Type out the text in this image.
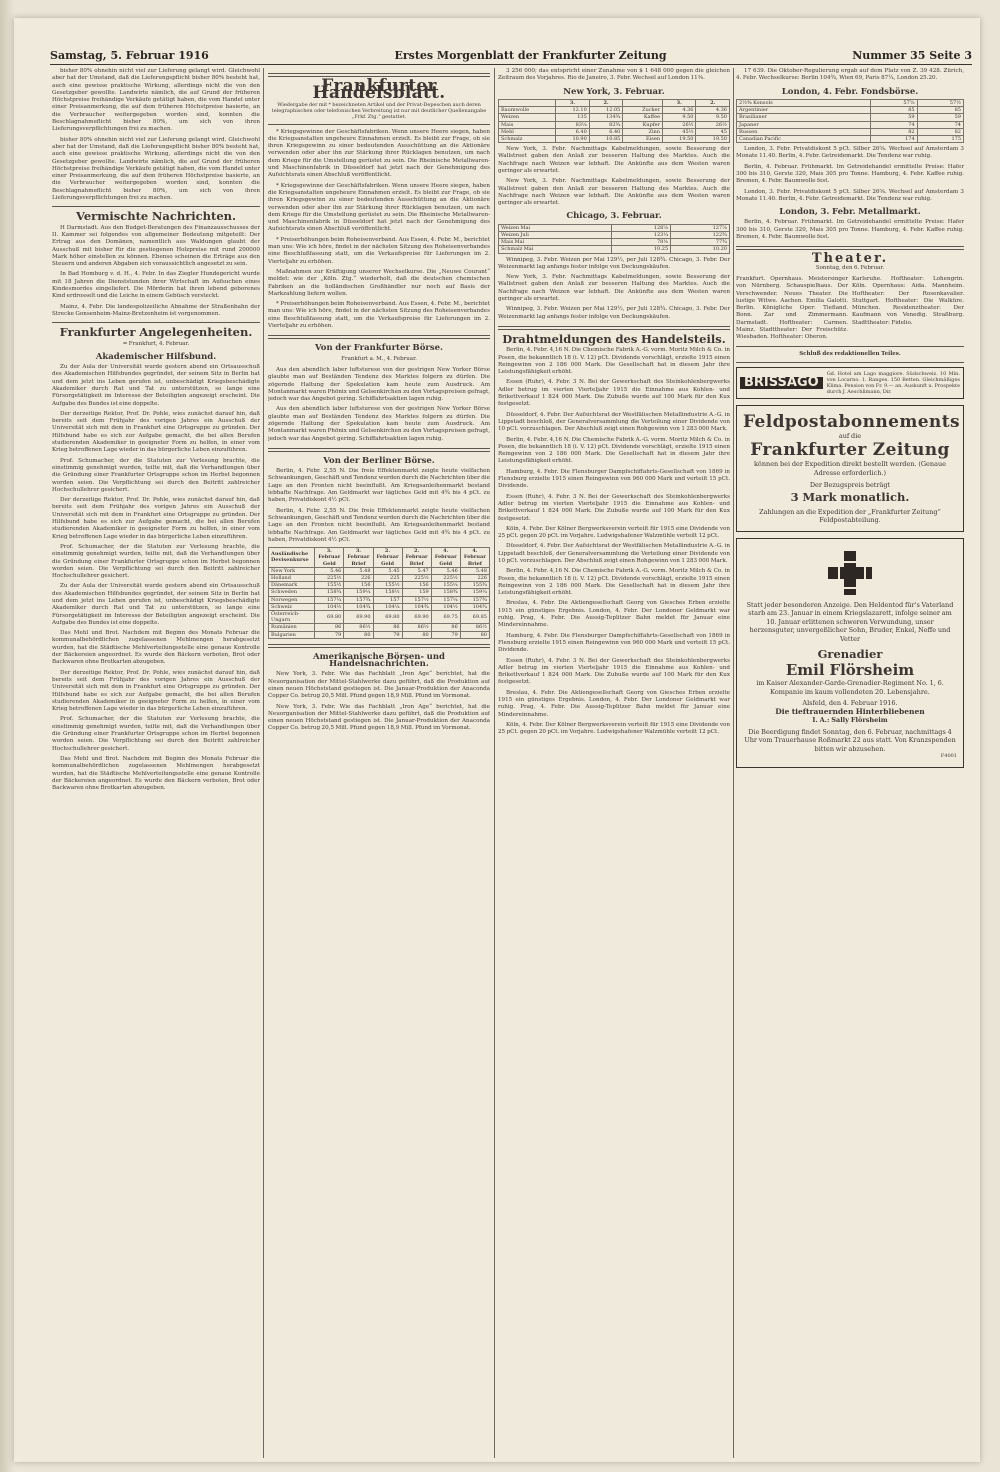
Samstag, 5. Februar 1916	Erstes Morgenblatt der Frankfurter Zeitung	Nummer 35 Seite 3

bisher 80% ohnehin nicht viel zur Lieferung gelangt wird. Gleichwohl aber hat der Umstand, daß die Lieferungspflicht bisher 80% besteht hat, auch eine gewisse praktische Wirkung, allerdings nicht die von den Gesetzgeber gewollte. Landwirte nämlich, die auf Grund der früheren Höchstpreise freihändige Verkäufe getätigt haben, die vom Handel unter einer Preisanmerkung, die auf dem früheren Höchstpreise basierte, an die Verbraucher weitergegeben worden sind, konnten die Beschlagnahmeflicht bisher 80%, um sich von ihren Lieferungsverpflichtungen frei zu machen.

bisher 80% ohnehin nicht viel zur Lieferung gelangt wird. Gleichwohl aber hat der Umstand, daß die Lieferungspflicht bisher 80% besteht hat, auch eine gewisse praktische Wirkung, allerdings nicht die von den Gesetzgeber gewollte. Landwirte nämlich, die auf Grund der früheren Höchstpreise freihändige Verkäufe getätigt haben, die vom Handel unter einer Preisanmerkung, die auf dem früheren Höchstpreise basierte, an die Verbraucher weitergegeben worden sind, konnten die Beschlagnahmeflicht bisher 80%, um sich von ihren Lieferungsverpflichtungen frei zu machen.

Vermischte Nachrichten.

H Darmstadt. Aus den Budget-Beratungen des Finanzausschusses der II. Kammer sei folgendes von allgemeiner Bedeutung mitgeteilt: Der Ertrag aus den Domänen, namentlich aus Waldungen glaubt der Ausschuß mit bisher für die gestiegenen Holzpreise mit rund 200000 Mark höher einstellen zu können. Ebenso scheinen die Erträge aus den Steuern und anderen Abgaben sich voraussichtlich angesetzt zu sein.

In Bad Homburg v. d. H., 4. Febr. In das Ziegler Hundegericht wurde mit 18 Jahren die Dienststunden ihrer Wirtschaft im Aufsuchen eines Kindesmordes eingeliefert. Die Mörderin hat ihren lebend geborenes Kind erdrosselt und die Leiche in einem Gebüsch versteckt.

Mainz, 4. Febr. Die landespolizeiliche Abnahme der Straßenbahn der Strecke Gonsenheim-Mainz-Bretzenheim ist vorgenommen.

Frankfurter Angelegenheiten.
= Frankfurt, 4. Februar.
Akademischer Hilfsbund.

Zu der Aula der Universität wurde gestern abend ein Ortsausschuß des Akademischen Hilfsbundes gegründet, der seinem Sitz in Berlin hat und dem jetzt ins Leben gerufen ist, unbeschädigt Kriegsbeschädigte Akademiker durch Rat und Tat zu unterstützen, so lange eine Fürsorgetätigkeit im Interesse der Beteiligten angezeigt erscheint. Die Aufgabe des Bundes ist eine doppelte.

Der derzeitige Rektor, Prof. Dr. Pohle, wies zunächst darauf hin, daß bereits seit dem Frühjahr des vorigen Jahres ein Ausschuß der Universität sich mit dem in Frankfurt eine Ortsgruppe zu gründen. Der Hilfsbund habe es sich zur Aufgabe gemacht, die bei allen Berufen studierenden Akademiker in geeigneter Form zu helfen, in einer vom Krieg betroffenen Lage wieder in das bürgerliche Leben einzuführen.

Prof. Schumacher, der die Statuten zur Verlesung brachte, die einstimmig genehmigt wurden, teilte mit, daß die Verhandlungen über die Gründung einer Frankfurter Ortsgruppe schon im Herbst begonnen worden seien. Die Verpflichtung sei durch den Beitritt zahlreicher Hochschullehrer gesichert.

Der derzeitige Rektor, Prof. Dr. Pohle, wies zunächst darauf hin, daß bereits seit dem Frühjahr des vorigen Jahres ein Ausschuß der Universität sich mit dem in Frankfurt eine Ortsgruppe zu gründen. Der Hilfsbund habe es sich zur Aufgabe gemacht, die bei allen Berufen studierenden Akademiker in geeigneter Form zu helfen, in einer vom Krieg betroffenen Lage wieder in das bürgerliche Leben einzuführen.

Prof. Schumacher, der die Statuten zur Verlesung brachte, die einstimmig genehmigt wurden, teilte mit, daß die Verhandlungen über die Gründung einer Frankfurter Ortsgruppe schon im Herbst begonnen worden seien. Die Verpflichtung sei durch den Beitritt zahlreicher Hochschullehrer gesichert.

Zu der Aula der Universität wurde gestern abend ein Ortsausschuß des Akademischen Hilfsbundes gegründet, der seinem Sitz in Berlin hat und dem jetzt ins Leben gerufen ist, unbeschädigt Kriegsbeschädigte Akademiker durch Rat und Tat zu unterstützen, so lange eine Fürsorgetätigkeit im Interesse der Beteiligten angezeigt erscheint. Die Aufgabe des Bundes ist eine doppelte.

Das Mehl und Brot. Nachdem mit Beginn des Monats Februar die kommunalbehördlichen zugelassenen Mehlmengen herabgesetzt wurden, hat die Städtische Mehlverteilungsstelle eine genaue Kontrolle der Bäckereien angeordnet. Es wurde den Bäckern verboten, Brot oder Backwaren ohne Brotkarten abzugeben.

Der derzeitige Rektor, Prof. Dr. Pohle, wies zunächst darauf hin, daß bereits seit dem Frühjahr des vorigen Jahres ein Ausschuß der Universität sich mit dem in Frankfurt eine Ortsgruppe zu gründen. Der Hilfsbund habe es sich zur Aufgabe gemacht, die bei allen Berufen studierenden Akademiker in geeigneter Form zu helfen, in einer vom Krieg betroffenen Lage wieder in das bürgerliche Leben einzuführen.

Prof. Schumacher, der die Statuten zur Verlesung brachte, die einstimmig genehmigt wurden, teilte mit, daß die Verhandlungen über die Gründung einer Frankfurter Ortsgruppe schon im Herbst begonnen worden seien. Die Verpflichtung sei durch den Beitritt zahlreicher Hochschullehrer gesichert.

Das Mehl und Brot. Nachdem mit Beginn des Monats Februar die kommunalbehördlichen zugelassenen Mehlmengen herabgesetzt wurden, hat die Städtische Mehlverteilungsstelle eine genaue Kontrolle der Bäckereien angeordnet. Es wurde den Bäckern verboten, Brot oder Backwaren ohne Brotkarten abzugeben.

Frankfurter Handelsblatt.
Wiedergabe der mit * bezeichneten Artikel und der Privat-Depeschen auch deren telegraphischen oder telefonischen Verbreitung ist nur mit deutlicher Quellenangabe „Frkf. Ztg.“ gestattet.

* Kriegsgewinne der Geschäftsfabriken. Wenn unsere Heere siegen, haben die Kriegsanstalten ungeheure Einnahmen erzielt. Es bleibt zur Frage, ob sie ihren Kriegsgewinn zu einer bedeutenden Ausschüttung an die Aktionäre verwenden oder aber ihn zur Stärkung ihrer Rücklagen benutzen, um nach dem Kriege für die Umstellung gerüstet zu sein. Die Rheinische Metallwaren- und Maschinenfabrik in Düsseldorf hat jetzt nach der Genehmigung des Aufsichtsrats einen Abschluß veröffentlicht.

* Kriegsgewinne der Geschäftsfabriken. Wenn unsere Heere siegen, haben die Kriegsanstalten ungeheure Einnahmen erzielt. Es bleibt zur Frage, ob sie ihren Kriegsgewinn zu einer bedeutenden Ausschüttung an die Aktionäre verwenden oder aber ihn zur Stärkung ihrer Rücklagen benutzen, um nach dem Kriege für die Umstellung gerüstet zu sein. Die Rheinische Metallwaren- und Maschinenfabrik in Düsseldorf hat jetzt nach der Genehmigung des Aufsichtsrats einen Abschluß veröffentlicht.

* Preiserhöhungen beim Roheisenverband. Aus Essen, 4. Febr. M., berichtet man uns: Wie ich höre, findet in der nächsten Sitzung des Roheisenverbandes eine Beschlußfassung statt, um die Verkaufspreise für Lieferungen im 2. Vierteljahr zu erhöhen.

Maßnahmen zur Kräftigung unserer Wechselkurse. Die „Neuwe Courant“ meldet: wie der „Köln. Ztg.“ wiederholt, daß die deutschen chemischen Fabriken an die holländischen Großhändler nur noch auf Basis der Markzahlung liefern wollen.

* Preiserhöhungen beim Roheisenverband. Aus Essen, 4. Febr. M., berichtet man uns: Wie ich höre, findet in der nächsten Sitzung des Roheisenverbandes eine Beschlußfassung statt, um die Verkaufspreise für Lieferungen im 2. Vierteljahr zu erhöhen.

Von der Frankfurter Börse.
Frankfurt a. M., 4. Februar.

Aus den abendlich laber luftsturese von der gestrigen New Yorker Börse glaubte man auf Beständen Tendenz des Marktes folgern zu dürfen. Die zögernde Haltung der Spekulation kam heute zum Ausdruck. Am Montanmarkt waren Phönix und Gelsenkirchen zu den Vortagspreisen gefragt, jedoch war das Angebot gering. Schiffahrtsaktien lagen ruhig.

Aus den abendlich laber luftsturese von der gestrigen New Yorker Börse glaubte man auf Beständen Tendenz des Marktes folgern zu dürfen. Die zögernde Haltung der Spekulation kam heute zum Ausdruck. Am Montanmarkt waren Phönix und Gelsenkirchen zu den Vortagspreisen gefragt, jedoch war das Angebot gering. Schiffahrtsaktien lagen ruhig.

Von der Berliner Börse.

Berlin, 4. Febr. 2,55 N. Die freie Effektenmarkt zeigte heute vielfachen Schwankungen, Geschäft und Tendenz wurden durch die Nachrichten über die Lage an den Fronten nicht beeinflußt. Am Kriegsanleihenmarkt bestand lebhafte Nachfrage. Am Geldmarkt war tägliches Geld mit 4¾ bis 4 pCt. zu haben, Privatdiskont 4½ pCt.

Berlin, 4. Febr. 2,55 N. Die freie Effektenmarkt zeigte heute vielfachen Schwankungen, Geschäft und Tendenz wurden durch die Nachrichten über die Lage an den Fronten nicht beeinflußt. Am Kriegsanleihenmarkt bestand lebhafte Nachfrage. Am Geldmarkt war tägliches Geld mit 4¾ bis 4 pCt. zu haben, Privatdiskont 4½ pCt.

Ausländische Devisenkurse	3. Februar Geld	3. Februar Brief	2. Februar Geld	2. Februar Brief	4. Februar Geld	4. Februar Brief
New York	5.46	5.48	5.45	5.47	5.46	5.48
Holland	225½	226	225	225½	225½	226
Dänemark	155½	156	155½	156	155¼	155¾
Schweden	158¾	159¼	158½	159	158¾	159¼
Norwegen	157¼	157¾	157	157½	157¼	157¾
Schweiz	104½	104¾	104¼	104¾	104½	104¾
Österreich-Ungarn	69.80	69.90	69.80	69.90	69.75	69.85
Rumänien	86	86½	86	86½	86	86½
Bulgarien	79	80	79	80	79	80
Amerikanische Börsen- und Handelsnachrichten.

New York, 3. Febr. Wie das Fachblatt „Iron Age“ berichtet, hat die Neuorganisation der Mittel-Stahlwerke dazu geführt, daß die Produktion auf einen neuen Höchststand gestiegen ist. Die Januar-Produktion der Anaconda Copper Co. betrug 20,5 Mill. Pfund gegen 18,9 Mill. Pfund im Vormonat.

New York, 3. Febr. Wie das Fachblatt „Iron Age“ berichtet, hat die Neuorganisation der Mittel-Stahlwerke dazu geführt, daß die Produktion auf einen neuen Höchststand gestiegen ist. Die Januar-Produktion der Anaconda Copper Co. betrug 20,5 Mill. Pfund gegen 18,9 Mill. Pfund im Vormonat.

3 256 000; das entspricht einer Zunahme von $ 1 648 000 gegen die gleichen Zeitraum des Vorjahres. Rio de Janeiro, 3. Febr. Wechsel auf London 11⅜.

New York, 3. Februar.
	3.	2.		3.	2.
Baumwolle	12.10	12.05	Zucker	4.36	4.36
Weizen	135	134¾	Kaffee	9.50	9.50
Mais	83¼	82¾	Kupfer	26½	26½
Mehl	6.40	6.40	Zinn	45½	45
Schmalz	10.90	10.85	Eisen	19.50	19.50

New York, 3. Febr. Nachmittags Kabelmeldungen, sowie Besserung der Wallstreet gaben den Anlaß zur besseren Haltung des Marktes. Auch die Nachfrage nach Weizen war lebhaft. Die Ankünfte aus dem Westen waren geringer als erwartet.

New York, 3. Febr. Nachmittags Kabelmeldungen, sowie Besserung der Wallstreet gaben den Anlaß zur besseren Haltung des Marktes. Auch die Nachfrage nach Weizen war lebhaft. Die Ankünfte aus dem Westen waren geringer als erwartet.

Chicago, 3. Februar.
Weizen Mai	128⅝	127⅞
Weizen Juli	123¼	122¾
Mais Mai	78⅜	77¾
Schmalz Mai	10.25	10.20

Winnipeg, 3. Febr. Weizen per Mai 129½, per Juli 128¾. Chicago, 3. Febr. Der Weizenmarkt lag anfangs fester infolge von Deckungskäufen.

New York, 3. Febr. Nachmittags Kabelmeldungen, sowie Besserung der Wallstreet gaben den Anlaß zur besseren Haltung des Marktes. Auch die Nachfrage nach Weizen war lebhaft. Die Ankünfte aus dem Westen waren geringer als erwartet.

Winnipeg, 3. Febr. Weizen per Mai 129½, per Juli 128¾. Chicago, 3. Febr. Der Weizenmarkt lag anfangs fester infolge von Deckungskäufen.

Drahtmeldungen des Handelsteils.

Berlin, 4. Febr. 4,16 N. Die Chemische Fabrik A.-G. vorm. Moritz Milch & Co. in Posen, die bekanntlich 18 (i. V. 12) pCt. Dividende vorschlägt, erzielte 1915 einen Reingewinn von 2 186 000 Mark. Die Gesellschaft hat in diesem Jahr ihre Leistungsfähigkeit erhöht.

Essen (Ruhr), 4. Febr. 3 N. Bei der Gewerkschaft des Steinkohlenbergwerks Adler betrug im vierten Vierteljahr 1915 die Einnahme aus Kohlen- und Brikettverkauf 1 824 000 Mark. Die Zubuße wurde auf 100 Mark für den Kux festgesetzt.

Düsseldorf, 4. Febr. Der Aufsichtsrat der Westfälischen Metallindustrie A.-G. in Lippstadt beschloß, der Generalversammlung die Verteilung einer Dividende von 10 pCt. vorzuschlagen. Der Abschluß zeigt einen Rohgewinn von 1 283 000 Mark.

Berlin, 4. Febr. 4,16 N. Die Chemische Fabrik A.-G. vorm. Moritz Milch & Co. in Posen, die bekanntlich 18 (i. V. 12) pCt. Dividende vorschlägt, erzielte 1915 einen Reingewinn von 2 186 000 Mark. Die Gesellschaft hat in diesem Jahr ihre Leistungsfähigkeit erhöht.

Hamburg, 4. Febr. Die Flensburger Dampfschiffahrts-Gesellschaft von 1869 in Flensburg erzielte 1915 einen Reingewinn von 960 000 Mark und verteilt 15 pCt. Dividende.

Essen (Ruhr), 4. Febr. 3 N. Bei der Gewerkschaft des Steinkohlenbergwerks Adler betrug im vierten Vierteljahr 1915 die Einnahme aus Kohlen- und Brikettverkauf 1 824 000 Mark. Die Zubuße wurde auf 100 Mark für den Kux festgesetzt.

Köln, 4. Febr. Der Kölner Bergwerksverein verteilt für 1915 eine Dividende von 25 pCt. gegen 20 pCt. im Vorjahre. Ludwigshafener Walzmühle verteilt 12 pCt.

Düsseldorf, 4. Febr. Der Aufsichtsrat der Westfälischen Metallindustrie A.-G. in Lippstadt beschloß, der Generalversammlung die Verteilung einer Dividende von 10 pCt. vorzuschlagen. Der Abschluß zeigt einen Rohgewinn von 1 283 000 Mark.

Berlin, 4. Febr. 4,16 N. Die Chemische Fabrik A.-G. vorm. Moritz Milch & Co. in Posen, die bekanntlich 18 (i. V. 12) pCt. Dividende vorschlägt, erzielte 1915 einen Reingewinn von 2 186 000 Mark. Die Gesellschaft hat in diesem Jahr ihre Leistungsfähigkeit erhöht.

Breslau, 4. Febr. Die Aktiengesellschaft Georg von Giesches Erben erzielte 1915 ein günstiges Ergebnis. London, 4. Febr. Der Londoner Geldmarkt war ruhig. Prag, 4. Febr. Die Aussig-Teplitzer Bahn meldet für Januar eine Mindereinnahme.

Hamburg, 4. Febr. Die Flensburger Dampfschiffahrts-Gesellschaft von 1869 in Flensburg erzielte 1915 einen Reingewinn von 960 000 Mark und verteilt 15 pCt. Dividende.

Essen (Ruhr), 4. Febr. 3 N. Bei der Gewerkschaft des Steinkohlenbergwerks Adler betrug im vierten Vierteljahr 1915 die Einnahme aus Kohlen- und Brikettverkauf 1 824 000 Mark. Die Zubuße wurde auf 100 Mark für den Kux festgesetzt.

Breslau, 4. Febr. Die Aktiengesellschaft Georg von Giesches Erben erzielte 1915 ein günstiges Ergebnis. London, 4. Febr. Der Londoner Geldmarkt war ruhig. Prag, 4. Febr. Die Aussig-Teplitzer Bahn meldet für Januar eine Mindereinnahme.

Köln, 4. Febr. Der Kölner Bergwerksverein verteilt für 1915 eine Dividende von 25 pCt. gegen 20 pCt. im Vorjahre. Ludwigshafener Walzmühle verteilt 12 pCt.

17 639. Die Oktober-Regulierung ergab auf dem Platz von Z. 39 428. Zürich, 4. Febr. Wechselkurse: Berlin 104¾, Wien 69, Paris 87¼, London 25.20.

London, 4. Febr. Fondsbörse.
2½% Konsols	57⅝	57½
Argentinier	85	85
Brasilianer	59	59
Japaner	74	74
Russen	82	82
Canadian Pacific	174	175

London, 3. Febr. Privatdiskont 5 pCt. Silber 26⅝. Wechsel auf Amsterdam 3 Monate 11.40. Berlin, 4. Febr. Getreidemarkt. Die Tendenz war ruhig.

Berlin, 4. Februar. Frühmarkt. Im Getreidehandel ermittelte Preise: Hafer 300 bis 310, Gerste 320, Mais 305 pro Tonne. Hamburg, 4. Febr. Kaffee ruhig. Bremen, 4. Febr. Baumwolle fest.

London, 3. Febr. Privatdiskont 5 pCt. Silber 26⅝. Wechsel auf Amsterdam 3 Monate 11.40. Berlin, 4. Febr. Getreidemarkt. Die Tendenz war ruhig.

London, 3. Febr. Metallmarkt.

Berlin, 4. Februar. Frühmarkt. Im Getreidehandel ermittelte Preise: Hafer 300 bis 310, Gerste 320, Mais 305 pro Tonne. Hamburg, 4. Febr. Kaffee ruhig. Bremen, 4. Febr. Baumwolle fest.

Theater.
Sonntag, den 6. Februar.
Frankfurt. Opernhaus. Meistersinger von Nürnberg. Schauspielhaus. Der Verschwender. Neues Theater. Die lustige Witwe. Aachen. Emilia Galotti. Berlin. Königliche Oper: Tiefland. Bonn. Zar und Zimmermann. Darmstadt. Hoftheater: Carmen. Mainz. Stadttheater: Der Freischütz. Wiesbaden. Hoftheater: Oberon.
Karlsruhe. Hoftheater: Lohengrin. Köln. Opernhaus: Aida. Mannheim. Hoftheater: Der Rosenkavalier. Stuttgart. Hoftheater: Die Walküre. München. Residenztheater: Der Kaufmann von Venedig. Straßburg. Stadttheater: Fidelio.
Schluß des redaktionellen Teiles.
BRISSAGO
Gd. Hotel am Lago maggiore. Südschweiz. 10 Min. von Locarno. 1. Ranges. 150 Betten. Gleichmäßiges Klima. Pension von Fr. 9.— an. Auskunft u. Prospekte durch J. Aeschlimann, Dir.
Feldpostabonnements
auf die
Frankfurter Zeitung
können bei der Expedition direkt bestellt werden. (Genaue Adresse erforderlich.)
Der Bezugspreis beträgt
3 Mark monatlich.
Zahlungen an die Expedition der „Frankfurter Zeitung“ Feldpostabteilung.
Statt jeder besonderen Anzeige. Den Heldentod für's Vaterland starb am 23. Januar in einem Kriegslazarett, infolge seiner am 10. Januar erlittenen schweren Verwundung, unser herzensguter, unvergeßlicher Sohn, Bruder, Enkel, Neffe und Vetter
Grenadier
Emil Flörsheim
im Kaiser Alexander-Garde-Grenadier-Regiment No. 1, 6. Kompanie im kaum vollendeten 20. Lebensjahre.
Alsfeld, den 4. Februar 1916.
Die tieftrauernden Hinterbliebenen
I. A.: Sally Flörsheim
Die Beerdigung findet Sonntag, den 6. Februar, nachmittags 4 Uhr vom Trauerhause Roßmarkt 22 aus statt. Von Kranzspenden bitten wir abzusehen.
F4001
